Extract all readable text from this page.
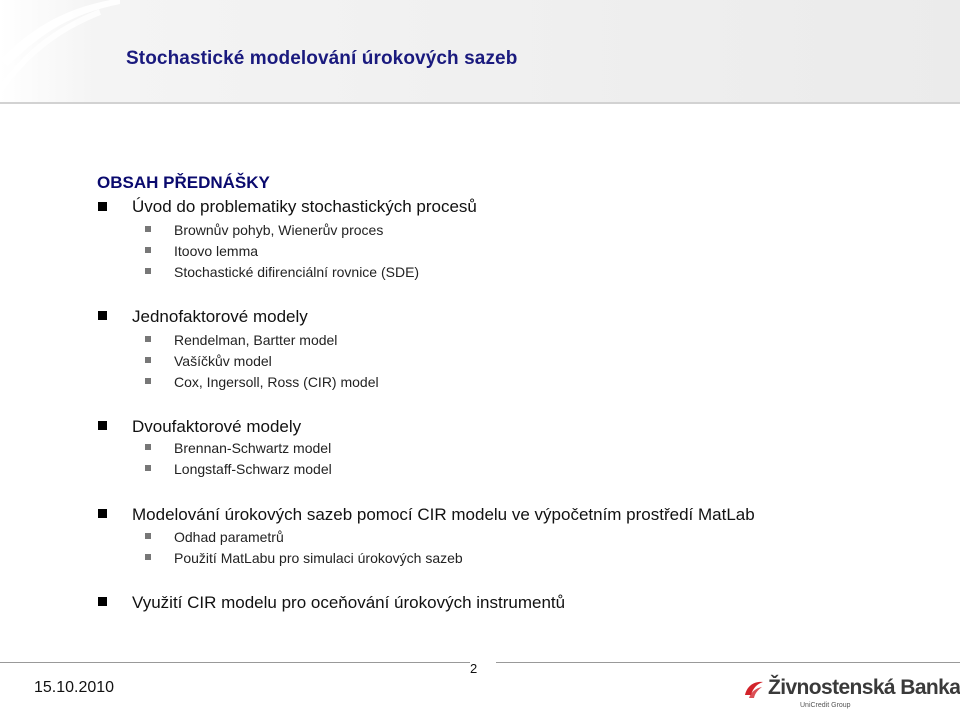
Stochastické modelování úrokových sazeb
OBSAH PŘEDNÁŠKY
Úvod do problematiky stochastických procesů
Brownův pohyb, Wienerův proces
Itoovo lemma
Stochastické difirenciální rovnice (SDE)
Jednofaktorové modely
Rendelman, Bartter model
Vašíčkův model
Cox, Ingersoll, Ross (CIR) model
Dvoufaktorové modely
Brennan-Schwartz model
Longstaff-Schwarz model
Modelování úrokových sazeb pomocí CIR modelu ve výpočetním prostředí MatLab
Odhad parametrů
Použití MatLabu pro simulaci úrokových sazeb
Využití CIR modelu pro oceňování úrokových instrumentů
2
15.10.2010	Živnostenská Banka
UniCredit Group
